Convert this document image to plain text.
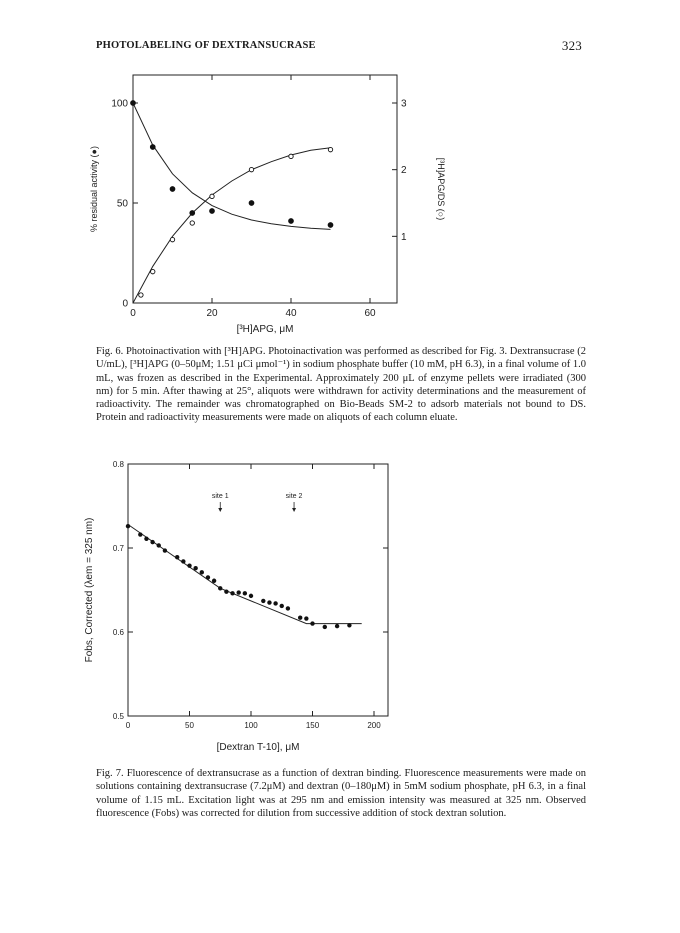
PHOTOLABELING OF DEXTRANSUCRASE	323
0	20	40	60
0
50
100
1
2
3
% residual activity (●)	[³H]APG/DS (○)
[³H]APG, μM
Fig. 6. Photoinactivation with [³H]APG. Photoinactivation was performed as described for Fig. 3. Dextransucrase (2 U/mL), [³H]APG (0–50μM; 1.51 μCi μmol⁻¹) in sodium phosphate buffer (10 mM, pH 6.3), in a final volume of 1.0 mL, was frozen as described in the Experimental. Approximately 200 μL of enzyme pellets were irradiated (300 nm) for 5 min. After thawing at 25°, aliquots were withdrawn for activity determinations and the measurement of radioactivity. The remainder was chromatographed on Bio-Beads SM-2 to adsorb materials not bound to DS. Protein and radioactivity measurements were made on aliquots of each column eluate.
0	50	100	150	200
0.5
0.6
0.7
0.8
site 1	site 2
Fobs, Corrected (λem = 325 nm)
[Dextran T-10], μM
Fig. 7. Fluorescence of dextransucrase as a function of dextran binding. Fluorescence measurements were made on solutions containing dextransucrase (7.2μM) and dextran (0–180μM) in 5mM sodium phosphate, pH 6.3, in a final volume of 1.15 mL. Excitation light was at 295 nm and emission intensity was measured at 325 nm. Observed fluorescence (Fobs) was corrected for dilution from successive addition of stock dextran solution.
